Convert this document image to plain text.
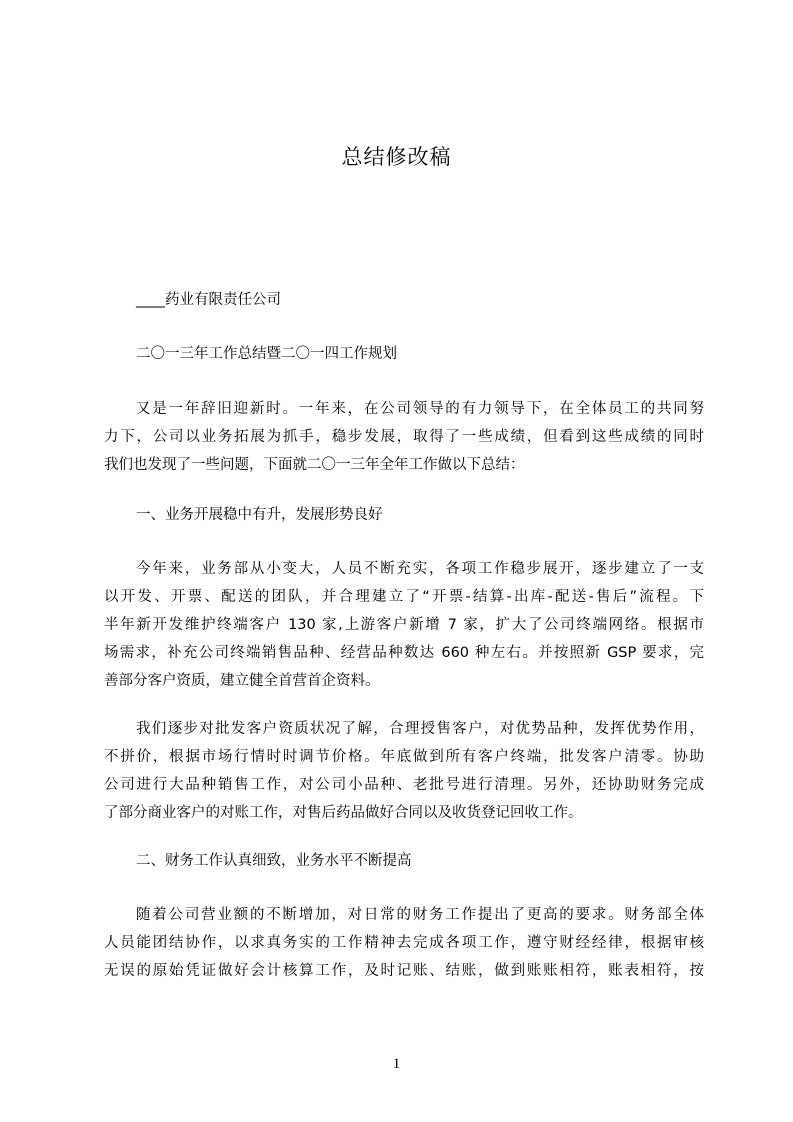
总结修改稿
____药业有限责任公司
二〇一三年工作总结暨二〇一四工作规划
又是一年辞旧迎新时。一年来，在公司领导的有力领导下，在全体员工的共同努
力下，公司以业务拓展为抓手，稳步发展，取得了一些成绩，但看到这些成绩的同时
我们也发现了一些问题，下面就二〇一三年全年工作做以下总结：
一、业务开展稳中有升，发展形势良好
今年来，业务部从小变大，人员不断充实，各项工作稳步展开，逐步建立了一支
以开发、开票、配送的团队，并合理建立了“开票-结算-出库-配送-售后”流程。下
半年新开发维护终端客户 130 家,上游客户新增 7 家，扩大了公司终端网络。根据市
场需求，补充公司终端销售品种、经营品种数达 660 种左右。并按照新 GSP 要求，完
善部分客户资质，建立健全首营首企资料。
我们逐步对批发客户资质状况了解，合理授售客户，对优势品种，发挥优势作用，
不拼价，根据市场行情时时调节价格。年底做到所有客户终端，批发客户清零。协助
公司进行大品种销售工作，对公司小品种、老批号进行清理。另外，还协助财务完成
了部分商业客户的对账工作，对售后药品做好合同以及收货登记回收工作。
二、财务工作认真细致，业务水平不断提高
随着公司营业额的不断增加，对日常的财务工作提出了更高的要求。财务部全体
人员能团结协作，以求真务实的工作精神去完成各项工作，遵守财经经律，根据审核
无误的原始凭证做好会计核算工作，及时记账、结账，做到账账相符，账表相符，按
1
